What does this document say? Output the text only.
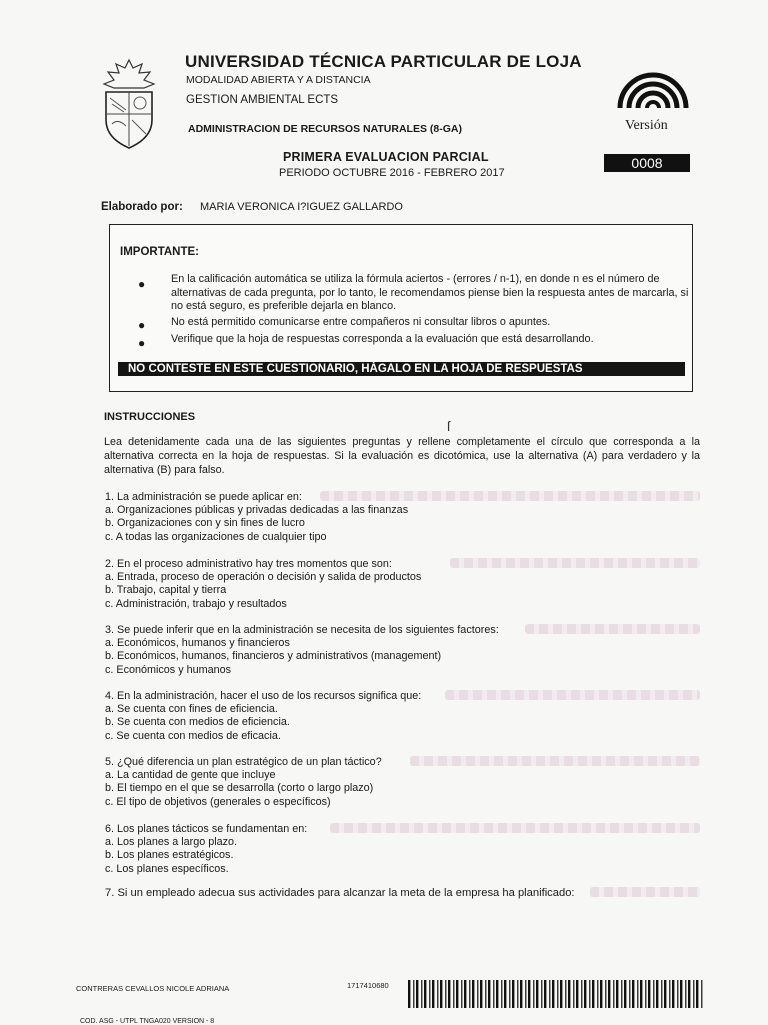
UNIVERSIDAD TÉCNICA PARTICULAR DE LOJA
MODALIDAD ABIERTA Y A DISTANCIA
GESTION AMBIENTAL ECTS
ADMINISTRACION DE RECURSOS NATURALES (8-GA)	Versión
PRIMERA EVALUACION PARCIAL
PERIODO OCTUBRE 2016 - FEBRERO 2017
0008
Elaborado por: MARIA VERONICA I?IGUEZ GALLARDO
IMPORTANTE:
● En la calificación automática se utiliza la fórmula aciertos - (errores / n-1), en donde n es el número de alternativas de cada pregunta, por lo tanto, le recomendamos piense bien la respuesta antes de marcarla, si no está seguro, es preferible dejarla en blanco.
● No está permitido comunicarse entre compañeros ni consultar libros o apuntes.
● Verifique que la hoja de respuestas corresponda a la evaluación que está desarrollando.
NO CONTESTE EN ESTE CUESTIONARIO, HÁGALO EN LA HOJA DE RESPUESTAS
INSTRUCCIONES
ſ
Lea detenidamente cada una de las siguientes preguntas y rellene completamente el círculo que corresponda a la alternativa correcta en la hoja de respuestas. Si la evaluación es dicotómica, use la alternativa (A) para verdadero y la alternativa (B) para falso.
1. La administración se puede aplicar en:
a. Organizaciones públicas y privadas dedicadas a las finanzas
b. Organizaciones con y sin fines de lucro
c. A todas las organizaciones de cualquier tipo
2. En el proceso administrativo hay tres momentos que son:
a. Entrada, proceso de operación o decisión y salida de productos
b. Trabajo, capital y tierra
c. Administración, trabajo y resultados
3. Se puede inferir que en la administración se necesita de los siguientes factores:
a. Económicos, humanos y financieros
b. Económicos, humanos, financieros y administrativos (management)
c. Económicos y humanos
4. En la administración, hacer el uso de los recursos significa que:
a. Se cuenta con fines de eficiencia.
b. Se cuenta con medios de eficiencia.
c. Se cuenta con medios de eficacia.
5. ¿Qué diferencia un plan estratégico de un plan táctico?
a. La cantidad de gente que incluye
b. El tiempo en el que se desarrolla (corto o largo plazo)
c. El tipo de objetivos (generales o específicos)
6. Los planes tácticos se fundamentan en:
a. Los planes a largo plazo.
b. Los planes estratégicos.
c. Los planes específicos.
7. Si un empleado adecua sus actividades para alcanzar la meta de la empresa ha planificado:
CONTRERAS CEVALLOS NICOLE ADRIANA	1717410680
COD. ASG - UTPL TNGA020 VERSION - 8
